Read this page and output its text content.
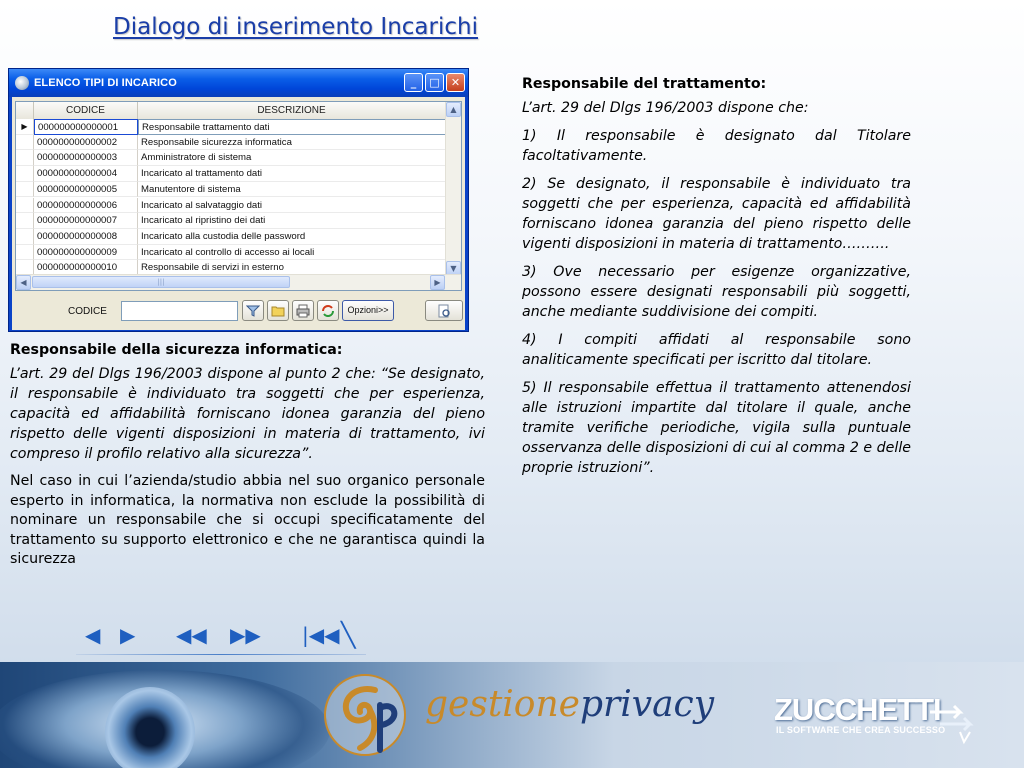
Dialogo di inserimento Incarichi
ELENCO TIPI DI INCARICO	_	□	✕
CODICE	DESCRIZIONE
▶	000000000000001	Responsabile trattamento dati
000000000000002	Responsabile sicurezza informatica
000000000000003	Amministratore di sistema
000000000000004	Incaricato al trattamento dati
000000000000005	Manutentore di sistema
000000000000006	Incaricato al salvataggio dati
000000000000007	Incaricato al ripristino dei dati
000000000000008	Incaricato alla custodia delle password
000000000000009	Incaricato al controllo di accesso ai locali
000000000000010	Responsabile di servizi in esterno
▲
▼
◀	|||	▶
CODICE	Opzioni>>

Responsabile della sicurezza informatica:

L’art. 29 del Dlgs 196/2003 dispone al punto 2 che: “Se designato, il responsabile è individuato tra soggetti che per esperienza, capacità ed affidabilità forniscano idonea garanzia del pieno rispetto delle vigenti disposizioni in materia di trattamento, ivi compreso il profilo relativo alla sicurezza”.

Nel caso in cui l’azienda/studio abbia nel suo organico personale esperto in informatica, la normativa non esclude la possibilità di nominare un responsabile che si occupi specificatamente del trattamento su supporto elettronico e che ne garantisca quindi la sicurezza

Responsabile del trattamento:

L’art. 29 del Dlgs 196/2003 dispone che:

1) Il responsabile è designato dal Titolare facoltativamente.

2) Se designato, il responsabile è individuato tra soggetti che per esperienza, capacità ed affidabilità forniscano idonea garanzia del pieno rispetto delle vigenti disposizioni in materia di trattamento……….

3) Ove necessario per esigenze organizzative, possono essere designati responsabili più soggetti, anche mediante suddivisione dei compiti.

4) I compiti affidati al responsabile sono analiticamente specificati per iscritto dal titolare.

5) Il responsabile effettua il trattamento attenendosi alle istruzioni impartite dal titolare il quale, anche tramite verifiche periodiche, vigila sulla puntuale osservanza delle disposizioni di cui al comma 2 e delle proprie istruzioni”.

◀ ▶ ◀◀ ▶▶ |◀◀ ╲
gestioneprivacy ZUCCHETTI
IL SOFTWARE CHE CREA SUCCESSO
